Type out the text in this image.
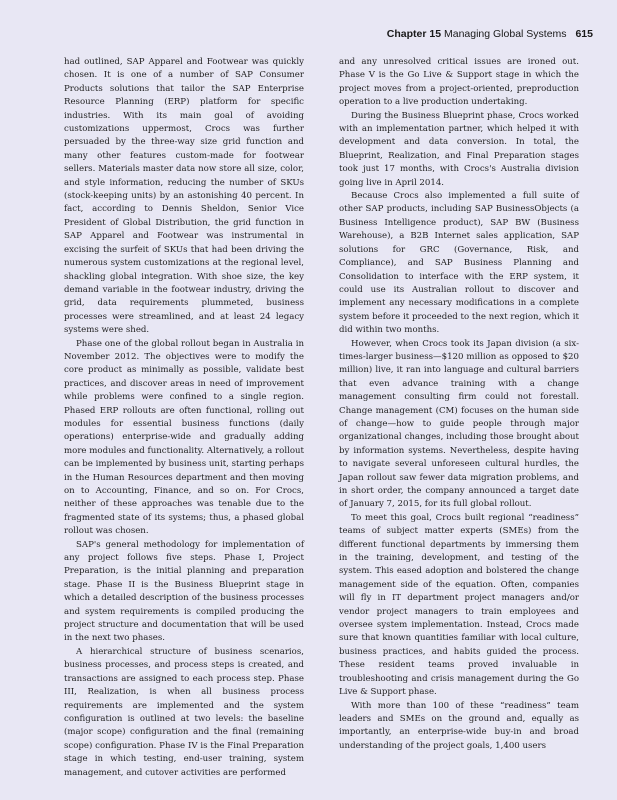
Chapter 15 Managing Global Systems 615

had outlined, SAP Apparel and Footwear was quickly chosen. It is one of a number of SAP Consumer Products solutions that tailor the SAP Enterprise Resource Planning (ERP) platform for specific industries. With its main goal of avoiding customizations uppermost, Crocs was further persuaded by the three-way size grid function and many other features custom-made for footwear sellers. Materials master data now store all size, color, and style information, reducing the number of SKUs (stock-keeping units) by an astonishing 40 percent. In fact, according to Dennis Sheldon, Senior Vice President of Global Distribution, the grid function in SAP Apparel and Footwear was instrumental in excising the surfeit of SKUs that had been driving the numerous system customizations at the regional level, shackling global integration. With shoe size, the key demand variable in the footwear industry, driving the grid, data requirements plummeted, business processes were streamlined, and at least 24 legacy systems were shed.

Phase one of the global rollout began in Australia in November 2012. The objectives were to modify the core product as minimally as possible, validate best practices, and discover areas in need of improvement while problems were confined to a single region. Phased ERP rollouts are often functional, rolling out modules for essential business functions (daily operations) enterprise-wide and gradually adding more modules and functionality. Alternatively, a rollout can be implemented by business unit, starting perhaps in the Human Resources department and then moving on to Accounting, Finance, and so on. For Crocs, neither of these approaches was tenable due to the fragmented state of its systems; thus, a phased global rollout was chosen.

SAP's general methodology for implementation of any project follows five steps. Phase I, Project Preparation, is the initial planning and preparation stage. Phase II is the Business Blueprint stage in which a detailed description of the business processes and system requirements is compiled producing the project structure and documentation that will be used in the next two phases.

A hierarchical structure of business scenarios, business processes, and process steps is created, and transactions are assigned to each process step. Phase III, Realization, is when all business process requirements are implemented and the system configuration is outlined at two levels: the baseline (major scope) configuration and the final (remaining scope) configuration. Phase IV is the Final Preparation stage in which testing, end-user training, system management, and cutover activities are performed

and any unresolved critical issues are ironed out. Phase V is the Go Live & Support stage in which the project moves from a project-oriented, preproduction operation to a live production undertaking.

During the Business Blueprint phase, Crocs worked with an implementation partner, which helped it with development and data conversion. In total, the Blueprint, Realization, and Final Preparation stages took just 17 months, with Crocs's Australia division going live in April 2014.

Because Crocs also implemented a full suite of other SAP products, including SAP BusinessObjects (a Business Intelligence product), SAP BW (Business Warehouse), a B2B Internet sales application, SAP solutions for GRC (Governance, Risk, and Compliance), and SAP Business Planning and Consolidation to interface with the ERP system, it could use its Australian rollout to discover and implement any necessary modifications in a complete system before it proceeded to the next region, which it did within two months.

However, when Crocs took its Japan division (a six-times-larger business—$120 million as opposed to $20 million) live, it ran into language and cultural barriers that even advance training with a change management consulting firm could not forestall. Change management (CM) focuses on the human side of change—how to guide people through major organizational changes, including those brought about by information systems. Nevertheless, despite having to navigate several unforeseen cultural hurdles, the Japan rollout saw fewer data migration problems, and in short order, the company announced a target date of January 7, 2015, for its full global rollout.

To meet this goal, Crocs built regional “readiness” teams of subject matter experts (SMEs) from the different functional departments by immersing them in the training, development, and testing of the system. This eased adoption and bolstered the change management side of the equation. Often, companies will fly in IT department project managers and/or vendor project managers to train employees and oversee system implementation. Instead, Crocs made sure that known quantities familiar with local culture, business practices, and habits guided the process. These resident teams proved invaluable in troubleshooting and crisis management during the Go Live & Support phase.

With more than 100 of these “readiness” team leaders and SMEs on the ground and, equally as importantly, an enterprise-wide buy-in and broad understanding of the project goals, 1,400 users
